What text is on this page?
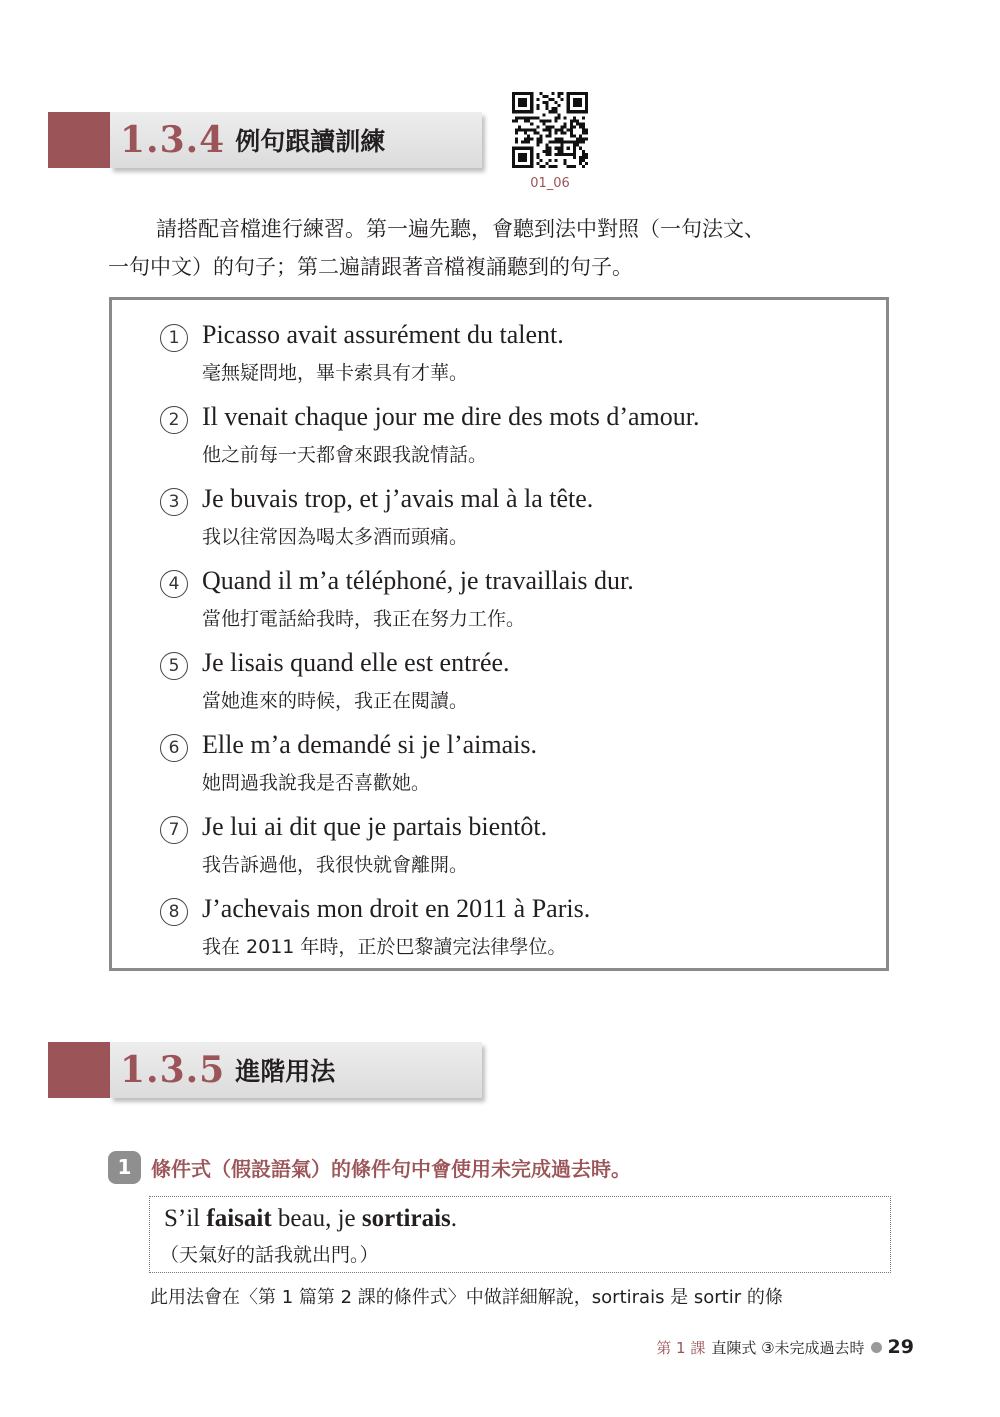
1.3.4 例句跟讀訓練
01_06

請搭配音檔進行練習。第一遍先聽，會聽到法中對照（一句法文、

一句中文）的句子；第二遍請跟著音檔複誦聽到的句子。

1 Picasso avait assurément du talent.
毫無疑問地，畢卡索具有才華。
2 Il venait chaque jour me dire des mots d’amour.
他之前每一天都會來跟我說情話。
3 Je buvais trop, et j’avais mal à la tête.
我以往常因為喝太多酒而頭痛。
4 Quand il m’a téléphoné, je travaillais dur.
當他打電話給我時，我正在努力工作。
5 Je lisais quand elle est entrée.
當她進來的時候，我正在閱讀。
6 Elle m’a demandé si je l’aimais.
她問過我說我是否喜歡她。
7 Je lui ai dit que je partais bientôt.
我告訴過他，我很快就會離開。
8 J’achevais mon droit en 2011 à Paris.
我在 2011 年時，正於巴黎讀完法律學位。
1.3.5 進階用法
1 條件式（假設語氣）的條件句中會使用未完成過去時。
S’il faisait beau, je sortirais.
（天氣好的話我就出門。）
此用法會在〈第 1 篇第 2 課的條件式〉中做詳細解說，sortirais 是 sortir 的條
第 1 課 直陳式 ③未完成過去時 29
